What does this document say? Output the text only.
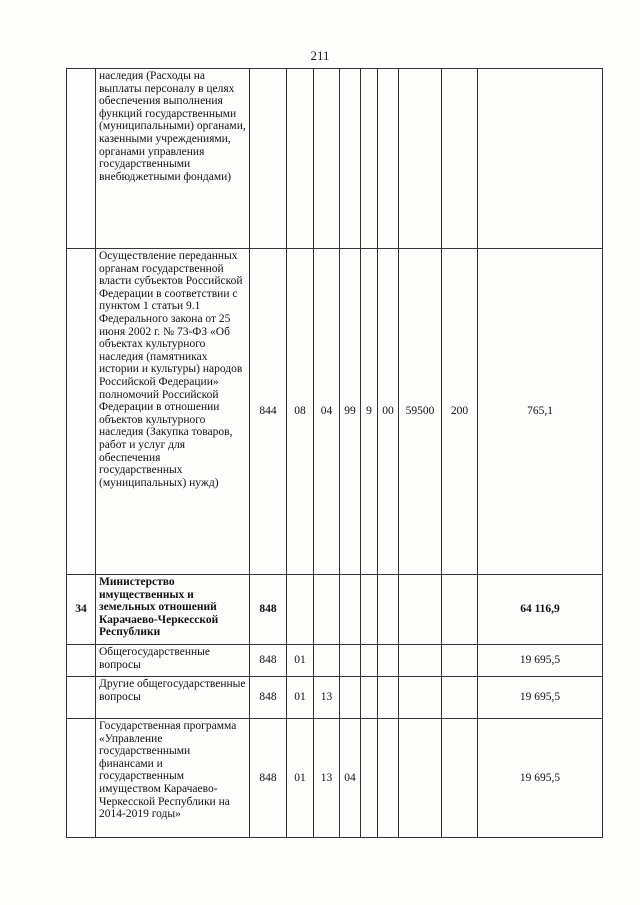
211
	наследия (Расходы на выплаты персоналу в целях обеспечения выполнения функций государственными (муниципальными) органами, казенными учреждениями, органами управления государственными внебюджетными фондами)									
	Осуществление переданных органам государственной власти субъектов Российской Федерации в соответствии с пунктом 1 статьи 9.1 Федерального закона от 25 июня 2002 г. № 73-ФЗ «Об объектах культурного наследия (памятниках истории и культуры) народов Российской Федерации» полномочий Российской Федерации в отношении объектов культурного наследия (Закупка товаров, работ и услуг для обеспечения государственных (муниципальных) нужд)	844	08	04	99	9	00	59500	200	765,1
34	Министерство имущественных и земельных отношений Карачаево-Черкесской Республики	848								64 116,9
	Общегосударственные вопросы	848	01							19 695,5
	Другие общегосударственные вопросы	848	01	13						19 695,5
	Государственная программа «Управление государственными финансами и государственным имуществом Карачаево-Черкесской Республики на 2014-2019 годы»	848	01	13	04					19 695,5
